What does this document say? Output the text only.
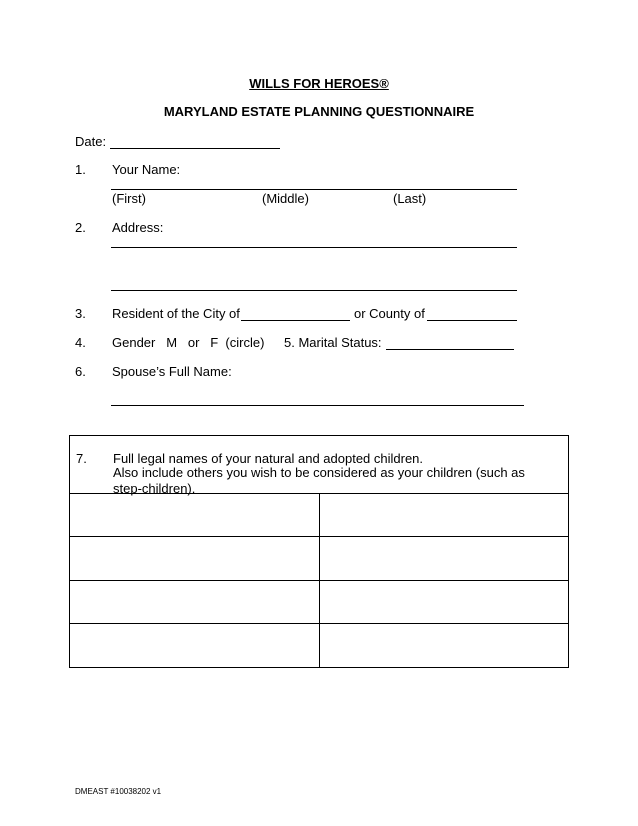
WILLS FOR HEROES®
MARYLAND ESTATE PLANNING QUESTIONNAIRE
Date:
1. Your Name:
(First)	(Middle)	(Last)
2. Address:
3. Resident of the City of	or County of
4. Gender   M   or   F  (circle) 5. Marital Status:
6. Spouse’s Full Name:
7. Full legal names of your natural and adopted children.
Also include others you wish to be considered as your children (such as step-children).
DMEAST #10038202 v1
